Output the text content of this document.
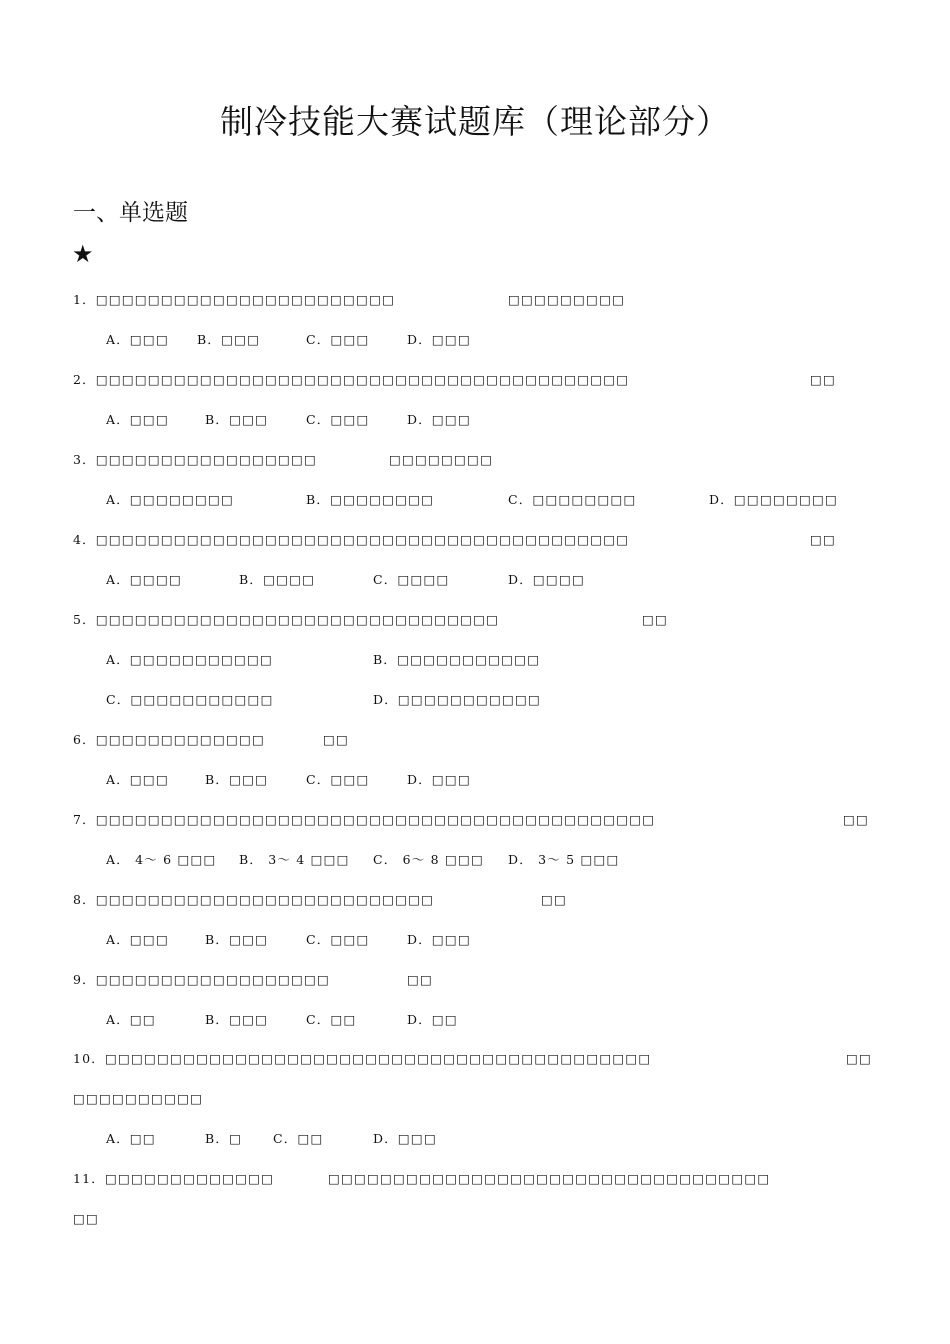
制冷技能大赛试题库（理论部分）
一、单选题
★
1．□□□□□□□□□□□□□□□□□□□□□□□	□□□□□□□□□
A．□□□ B．□□□	C．□□□	D．□□□
2．□□□□□□□□□□□□□□□□□□□□□□□□□□□□□□□□□□□□□□□□□	□□
A．□□□	B．□□□	C．□□□	D．□□□
3．□□□□□□□□□□□□□□□□□	□□□□□□□□
A．□□□□□□□□	B．□□□□□□□□	C．□□□□□□□□	D．□□□□□□□□
4．□□□□□□□□□□□□□□□□□□□□□□□□□□□□□□□□□□□□□□□□□	□□
A．□□□□	B．□□□□	C．□□□□	D．□□□□
5．□□□□□□□□□□□□□□□□□□□□□□□□□□□□□□□	□□
A．□□□□□□□□□□□	B．□□□□□□□□□□□
C．□□□□□□□□□□□	D．□□□□□□□□□□□
6．□□□□□□□□□□□□□	□□
A．□□□	B．□□□	C．□□□	D．□□□
7．□□□□□□□□□□□□□□□□□□□□□□□□□□□□□□□□□□□□□□□□□□□	□□
A． 4～ 6 □□□ B． 3～ 4 □□□ C． 6～ 8 □□□ D． 3～ 5 □□□
8．□□□□□□□□□□□□□□□□□□□□□□□□□□	□□
A．□□□	B．□□□	C．□□□	D．□□□
9．□□□□□□□□□□□□□□□□□□	□□
A．□□	B．□□□	C．□□	D．□□
10．□□□□□□□□□□□□□□□□□□□□□□□□□□□□□□□□□□□□□□□□□□	□□
□□□□□□□□□□
A．□□	B．□ C．□□	D．□□□
11．□□□□□□□□□□□□□	□□□□□□□□□□□□□□□□□□□□□□□□□□□□□□□□□□
□□
